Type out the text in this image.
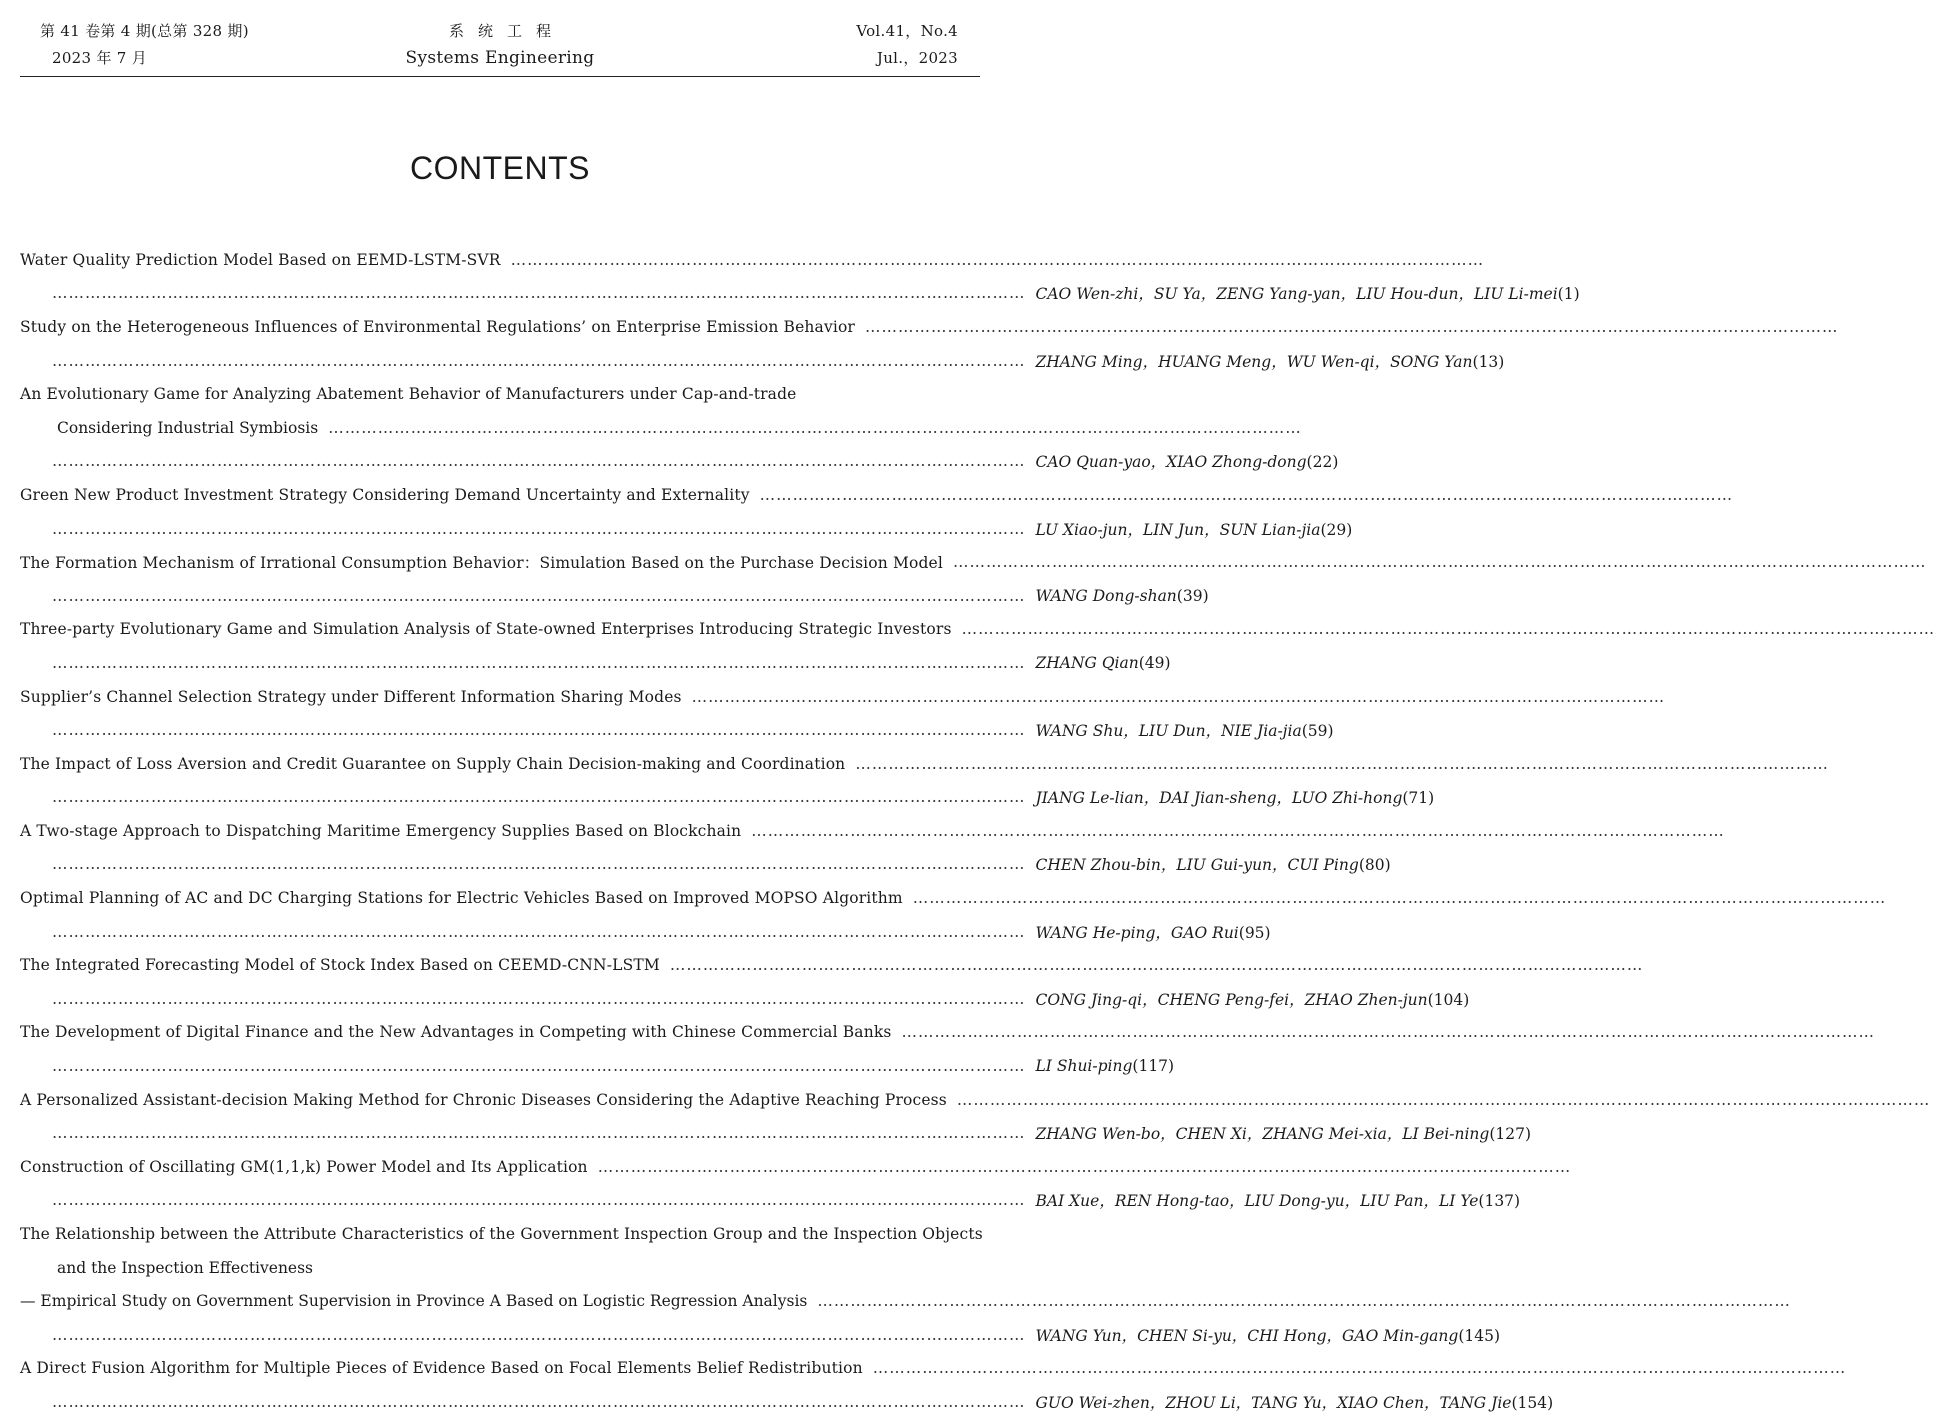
第 41 卷第 4 期(总第 328 期)
2023 年 7 月
系统工程
Systems Engineering
Vol.41，No.4
Jul.，2023
CONTENTS
Water Quality Prediction Model Based on EEMD-LSTM-SVR
……………………………………………………………………………………………………………………………………………………………
……………………………………………………………………………………………………………………………………………………………
CAO Wen-zhi，SU Ya，ZENG Yang-yan，LIU Hou-dun，LIU Li-mei(1)
Study on the Heterogeneous Influences of Environmental Regulations’ on Enterprise Emission Behavior
……………………………………………………………………………………………………………………………………………………………
……………………………………………………………………………………………………………………………………………………………
ZHANG Ming，HUANG Meng，WU Wen-qi，SONG Yan(13)
An Evolutionary Game for Analyzing Abatement Behavior of Manufacturers under Cap-and-trade
Considering Industrial Symbiosis
……………………………………………………………………………………………………………………………………………………………
……………………………………………………………………………………………………………………………………………………………
CAO Quan-yao，XIAO Zhong-dong(22)
Green New Product Investment Strategy Considering Demand Uncertainty and Externality
……………………………………………………………………………………………………………………………………………………………
……………………………………………………………………………………………………………………………………………………………
LU Xiao-jun，LIN Jun，SUN Lian-jia(29)
The Formation Mechanism of Irrational Consumption Behavior：Simulation Based on the Purchase Decision Model
……………………………………………………………………………………………………………………………………………………………
……………………………………………………………………………………………………………………………………………………………
WANG Dong-shan(39)
Three-party Evolutionary Game and Simulation Analysis of State-owned Enterprises Introducing Strategic Investors
……………………………………………………………………………………………………………………………………………………………
……………………………………………………………………………………………………………………………………………………………
ZHANG Qian(49)
Supplier’s Channel Selection Strategy under Different Information Sharing Modes
……………………………………………………………………………………………………………………………………………………………
……………………………………………………………………………………………………………………………………………………………
WANG Shu，LIU Dun，NIE Jia-jia(59)
The Impact of Loss Aversion and Credit Guarantee on Supply Chain Decision-making and Coordination
……………………………………………………………………………………………………………………………………………………………
……………………………………………………………………………………………………………………………………………………………
JIANG Le-lian，DAI Jian-sheng，LUO Zhi-hong(71)
A Two-stage Approach to Dispatching Maritime Emergency Supplies Based on Blockchain
……………………………………………………………………………………………………………………………………………………………
……………………………………………………………………………………………………………………………………………………………
CHEN Zhou-bin，LIU Gui-yun，CUI Ping(80)
Optimal Planning of AC and DC Charging Stations for Electric Vehicles Based on Improved MOPSO Algorithm
……………………………………………………………………………………………………………………………………………………………
……………………………………………………………………………………………………………………………………………………………
WANG He-ping，GAO Rui(95)
The Integrated Forecasting Model of Stock Index Based on CEEMD-CNN-LSTM
……………………………………………………………………………………………………………………………………………………………
……………………………………………………………………………………………………………………………………………………………
CONG Jing-qi，CHENG Peng-fei，ZHAO Zhen-jun(104)
The Development of Digital Finance and the New Advantages in Competing with Chinese Commercial Banks
……………………………………………………………………………………………………………………………………………………………
……………………………………………………………………………………………………………………………………………………………
LI Shui-ping(117)
A Personalized Assistant-decision Making Method for Chronic Diseases Considering the Adaptive Reaching Process
……………………………………………………………………………………………………………………………………………………………
……………………………………………………………………………………………………………………………………………………………
ZHANG Wen-bo，CHEN Xi，ZHANG Mei-xia，LI Bei-ning(127)
Construction of Oscillating GM(1,1,k) Power Model and Its Application
……………………………………………………………………………………………………………………………………………………………
……………………………………………………………………………………………………………………………………………………………
BAI Xue，REN Hong-tao，LIU Dong-yu，LIU Pan，LI Ye(137)
The Relationship between the Attribute Characteristics of the Government Inspection Group and the Inspection Objects
and the Inspection Effectiveness
— Empirical Study on Government Supervision in Province A Based on Logistic Regression Analysis
……………………………………………………………………………………………………………………………………………………………
……………………………………………………………………………………………………………………………………………………………
WANG Yun，CHEN Si-yu，CHI Hong，GAO Min-gang(145)
A Direct Fusion Algorithm for Multiple Pieces of Evidence Based on Focal Elements Belief Redistribution
……………………………………………………………………………………………………………………………………………………………
……………………………………………………………………………………………………………………………………………………………
GUO Wei-zhen，ZHOU Li，TANG Yu，XIAO Chen，TANG Jie(154)
